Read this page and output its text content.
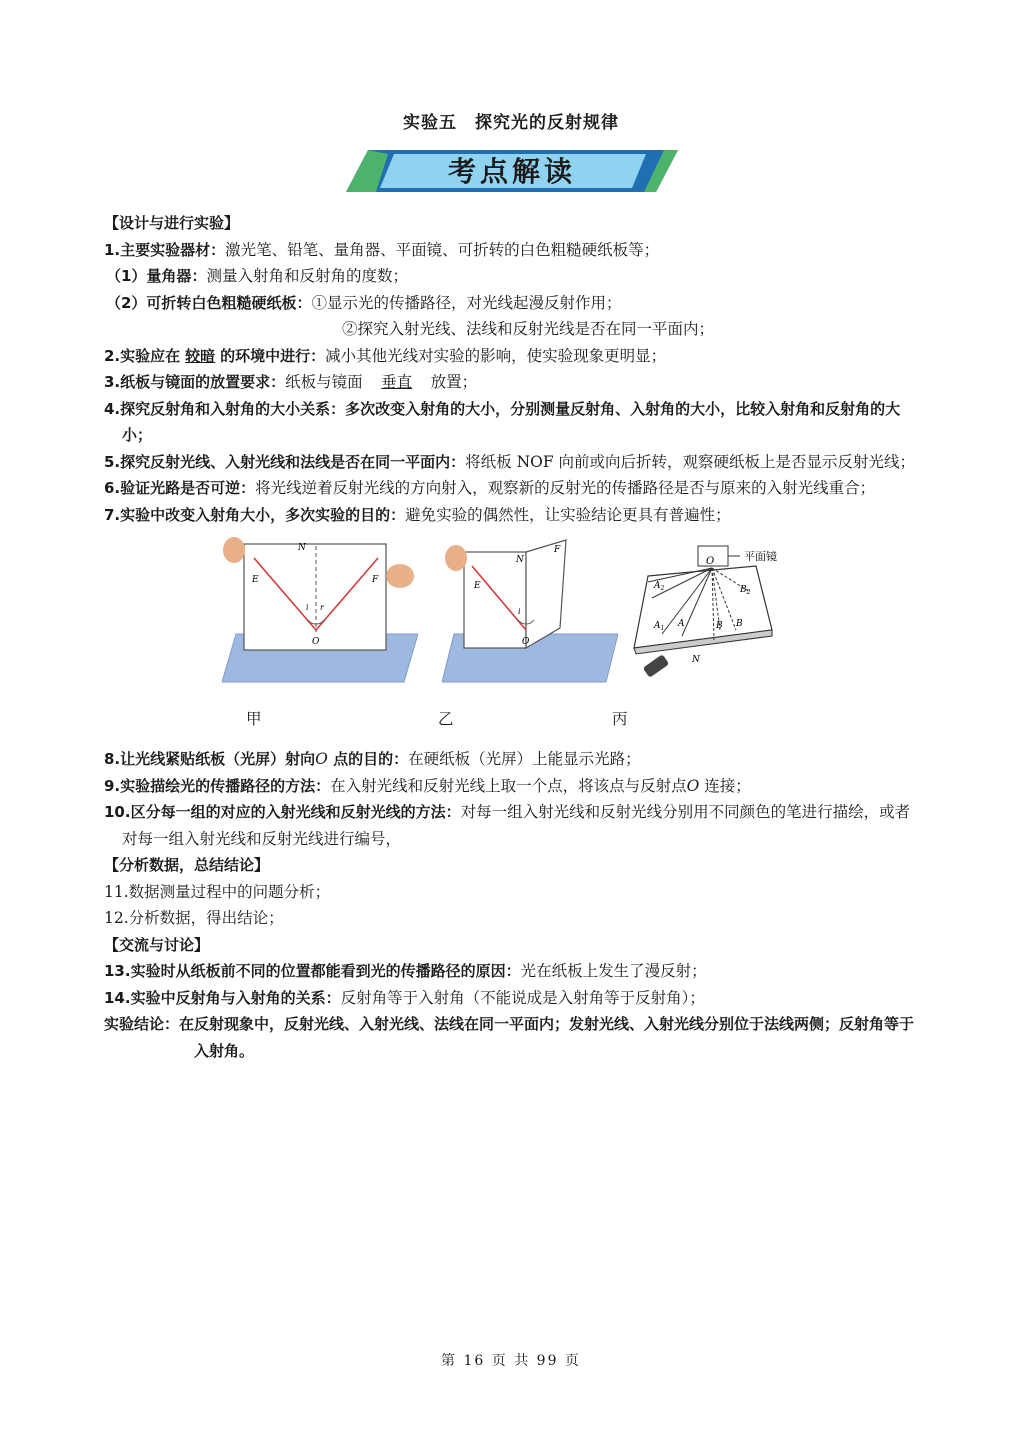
实验五　探究光的反射规律
考点解读
【设计与进行实验】
1.主要实验器材：激光笔、铅笔、量角器、平面镜、可折转的白色粗糙硬纸板等；
（1）量角器：测量入射角和反射角的度数；
（2）可折转白色粗糙硬纸板：①显示光的传播路径，对光线起漫反射作用；
②探究入射光线、法线和反射光线是否在同一平面内；
2.实验应在 较暗 的环境中进行：减小其他光线对实验的影响，使实验现象更明显；
3.纸板与镜面的放置要求：纸板与镜面 垂直 放置；
4.探究反射角和入射角的大小关系：多次改变入射角的大小，分别测量反射角、入射角的大小，比较入射角和反射角的大小；
5.探究反射光线、入射光线和法线是否在同一平面内：将纸板 NOF 向前或向后折转，观察硬纸板上是否显示反射光线；
6.验证光路是否可逆：将光线逆着反射光线的方向射入，观察新的反射光的传播路径是否与原来的入射光线重合；
7.实验中改变入射角大小，多次实验的目的：避免实验的偶然性，让实验结论更具有普遍性；
N
E	F
O
i r
N
E
F
O
i
平面镜
O
$A_2$
$A_1$ A	B B
$B_2$
N
甲	乙	丙
8.让光线紧贴纸板（光屏）射向O 点的目的：在硬纸板（光屏）上能显示光路；
9.实验描绘光的传播路径的方法：在入射光线和反射光线上取一个点，将该点与反射点O 连接；
10.区分每一组的对应的入射光线和反射光线的方法：对每一组入射光线和反射光线分别用不同颜色的笔进行描绘，或者对每一组入射光线和反射光线进行编号，
【分析数据，总结结论】
11.数据测量过程中的问题分析；
12.分析数据，得出结论；
【交流与讨论】
13.实验时从纸板前不同的位置都能看到光的传播路径的原因：光在纸板上发生了漫反射；
14.实验中反射角与入射角的关系：反射角等于入射角（不能说成是入射角等于反射角）；
实验结论：在反射现象中，反射光线、入射光线、法线在同一平面内；发射光线、入射光线分别位于法线两侧；反射角等于入射角。
第 16 页 共 99 页
